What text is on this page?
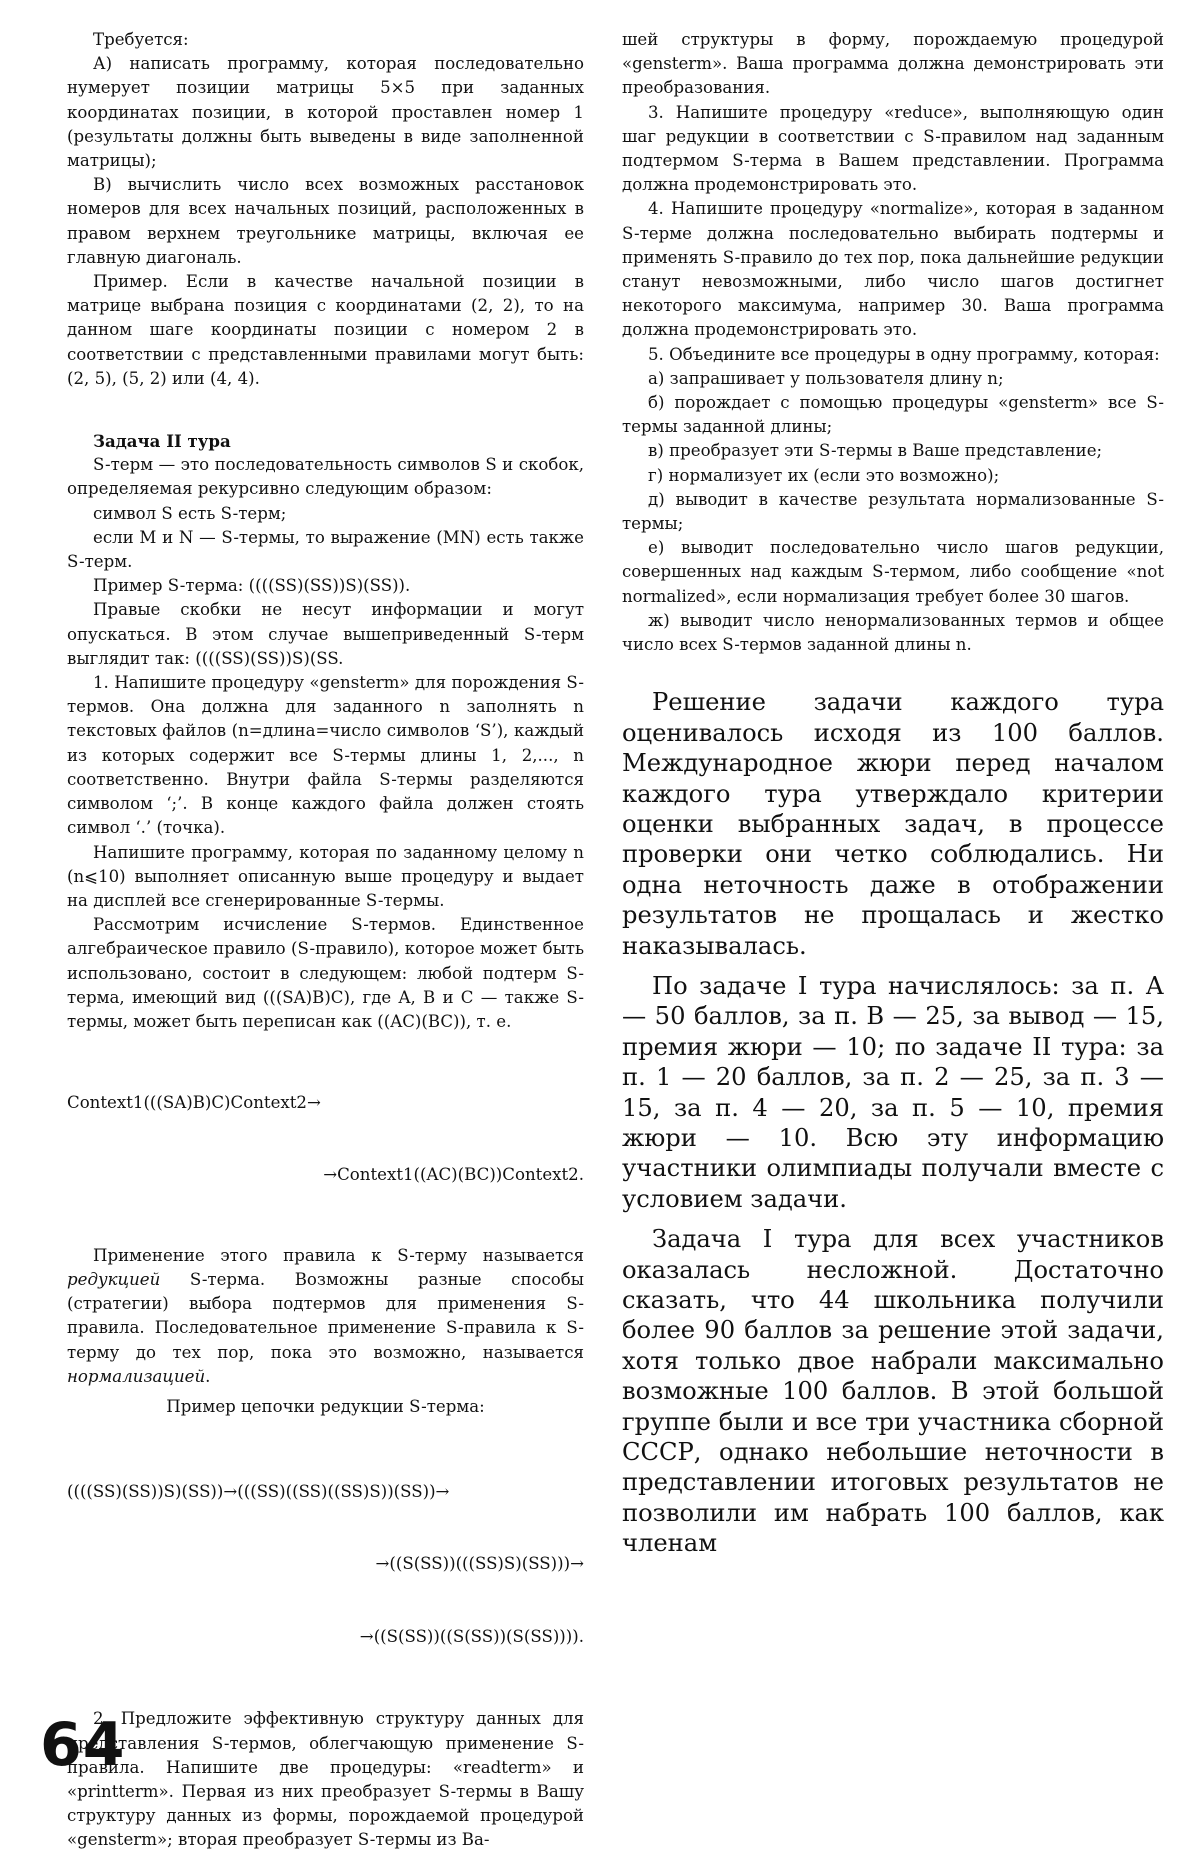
Требуется:

А) написать программу, которая последовательно нумерует позиции матрицы 5×5 при заданных координатах позиции, в которой проставлен номер 1 (результаты должны быть выведены в виде заполненной матрицы);

В) вычислить число всех возможных расстановок номеров для всех начальных позиций, расположенных в правом верхнем треугольнике матрицы, включая ее главную диагональ.

Пример. Если в качестве начальной позиции в матрице выбрана позиция с координатами (2, 2), то на данном шаге координаты позиции с номером 2 в соответствии с представленными правилами могут быть: (2, 5), (5, 2) или (4, 4).

Задача II тура

S-терм — это последовательность символов S и скобок, определяемая рекурсивно следующим образом:

символ S есть S-терм;

если M и N — S-термы, то выражение (MN) есть также S-терм.

Пример S-терма: ((((SS)(SS))S)(SS)).

Правые скобки не несут информации и могут опускаться. В этом случае вышеприведенный S-терм выглядит так: ((((SS)(SS))S)(SS.

1. Напишите процедуру «gensterm» для порождения S-термов. Она должна для заданного n заполнять n текстовых файлов (n=длина=число символов ‘S’), каждый из которых содержит все S-термы длины 1, 2,..., n соответственно. Внутри файла S-термы разделяются символом ‘;’. В конце каждого файла должен стоять символ ‘.’ (точка).

Напишите программу, которая по заданному целому n (n⩽10) выполняет описанную выше процедуру и выдает на дисплей все сгенерированные S-термы.

Рассмотрим исчисление S-термов. Единственное алгебраическое правило (S-правило), которое может быть использовано, состоит в следующем: любой подтерм S-терма, имеющий вид (((SA)B)C), где A, B и C — также S-термы, может быть переписан как ((AC)(BC)), т. е.

Context1(((SA)B)C)Context2→

→Context1((AC)(BC))Context2.

Применение этого правила к S-терму называется редукцией S-терма. Возможны разные способы (стратегии) выбора подтермов для применения S-правила. Последовательное применение S-правила к S-терму до тех пор, пока это возможно, называется нормализацией.

Пример цепочки редукции S-терма:

((((SS)(SS))S)(SS))→(((SS)((SS)((SS)S))(SS))→

→((S(SS))(((SS)S)(SS)))→

→((S(SS))((S(SS))(S(SS)))).

2. Предложите эффективную структуру данных для представления S-термов, облегчающую применение S-правила. Напишите две процедуры: «readterm» и «printterm». Первая из них преобразует S-термы в Вашу структуру данных из формы, порождаемой процедурой «gensterm»; вторая преобразует S-термы из Ва-

шей структуры в форму, порождаемую процедурой «gensterm». Ваша программа должна демонстрировать эти преобразования.

3. Напишите процедуру «reduce», выполняющую один шаг редукции в соответствии с S-правилом над заданным подтермом S-терма в Вашем представлении. Программа должна продемонстрировать это.

4. Напишите процедуру «normalize», которая в заданном S-терме должна последовательно выбирать подтермы и применять S-правило до тех пор, пока дальнейшие редукции станут невозможными, либо число шагов достигнет некоторого максимума, например 30. Ваша программа должна продемонстрировать это.

5. Объедините все процедуры в одну программу, которая:

а) запрашивает у пользователя длину n;

б) порождает с помощью процедуры «gensterm» все S-термы заданной длины;

в) преобразует эти S-термы в Ваше представление;

г) нормализует их (если это возможно);

д) выводит в качестве результата нормализованные S-термы;

е) выводит последовательно число шагов редукции, совершенных над каждым S-термом, либо сообщение «not normalized», если нормализация требует более 30 шагов.

ж) выводит число ненормализованных термов и общее число всех S-термов заданной длины n.

Решение задачи каждого тура оценивалось исходя из 100 баллов. Международное жюри перед началом каждого тура утверждало критерии оценки выбранных задач, в процессе проверки они четко соблюдались. Ни одна неточность даже в отображении результатов не прощалась и жестко наказывалась.

По задаче I тура начислялось: за п. А — 50 баллов, за п. В — 25, за вывод — 15, премия жюри — 10; по задаче II тура: за п. 1 — 20 баллов, за п. 2 — 25, за п. 3 — 15, за п. 4 — 20, за п. 5 — 10, премия жюри — 10. Всю эту информацию участники олимпиады получали вместе с условием задачи.

Задача I тура для всех участников оказалась несложной. Достаточно сказать, что 44 школьника получили более 90 баллов за решение этой задачи, хотя только двое набрали максимально возможные 100 баллов. В этой большой группе были и все три участника сборной СССР, однако небольшие неточности в представлении итоговых результатов не позволили им набрать 100 баллов, как членам

64
